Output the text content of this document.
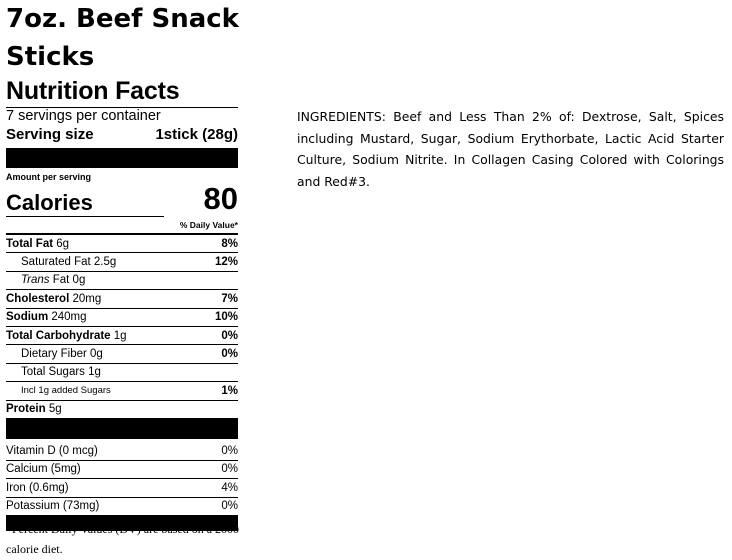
7oz. Beef Snack Sticks
Nutrition Facts
7 servings per container
Serving size	1stick (28g)
Amount per serving
Calories	80
% Daily Value*
Total Fat 6g	8%
Saturated Fat 2.5g	12%
Trans Fat 0g
Cholesterol 20mg	7%
Sodium 240mg	10%
Total Carbohydrate 1g	0%
Dietary Fiber 0g	0%
Total Sugars 1g
Incl 1g added Sugars	1%
Protein 5g
Vitamin D (0 mcg)	0%
Calcium (5mg)	0%
Iron (0.6mg)	4%
Potassium (73mg)	0%
*Percent Daily Values (DV) are based on a 2000 calorie diet.
INGREDIENTS: Beef and Less Than 2% of: Dextrose, Salt, Spices including Mustard, Sugar, Sodium Erythorbate, Lactic Acid Starter Culture, Sodium Nitrite. In Collagen Casing Colored with Colorings and Red#3.
